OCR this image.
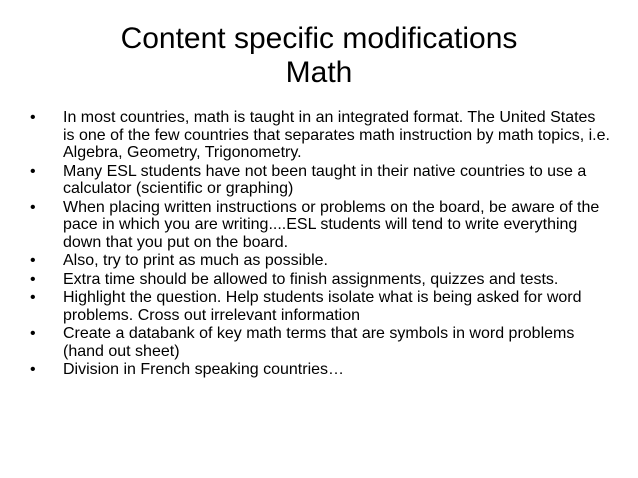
Content specific modifications
Math
•	In most countries, math is taught in an integrated format. The United States is one of the few countries that separates math instruction by math topics, i.e. Algebra, Geometry, Trigonometry.
•	Many ESL students have not been taught in their native countries to use a calculator (scientific or graphing)
•	When placing written instructions or problems on the board, be aware of the pace in which you are writing....ESL students will tend to write everything down that you put on the board.
•	Also, try to print as much as possible.
•	Extra time should be allowed to finish assignments, quizzes and tests.
•	Highlight the question. Help students isolate what is being asked for word problems. Cross out irrelevant information
•	Create a databank of key math terms that are symbols in word problems (hand out sheet)
•	Division in French speaking countries…
